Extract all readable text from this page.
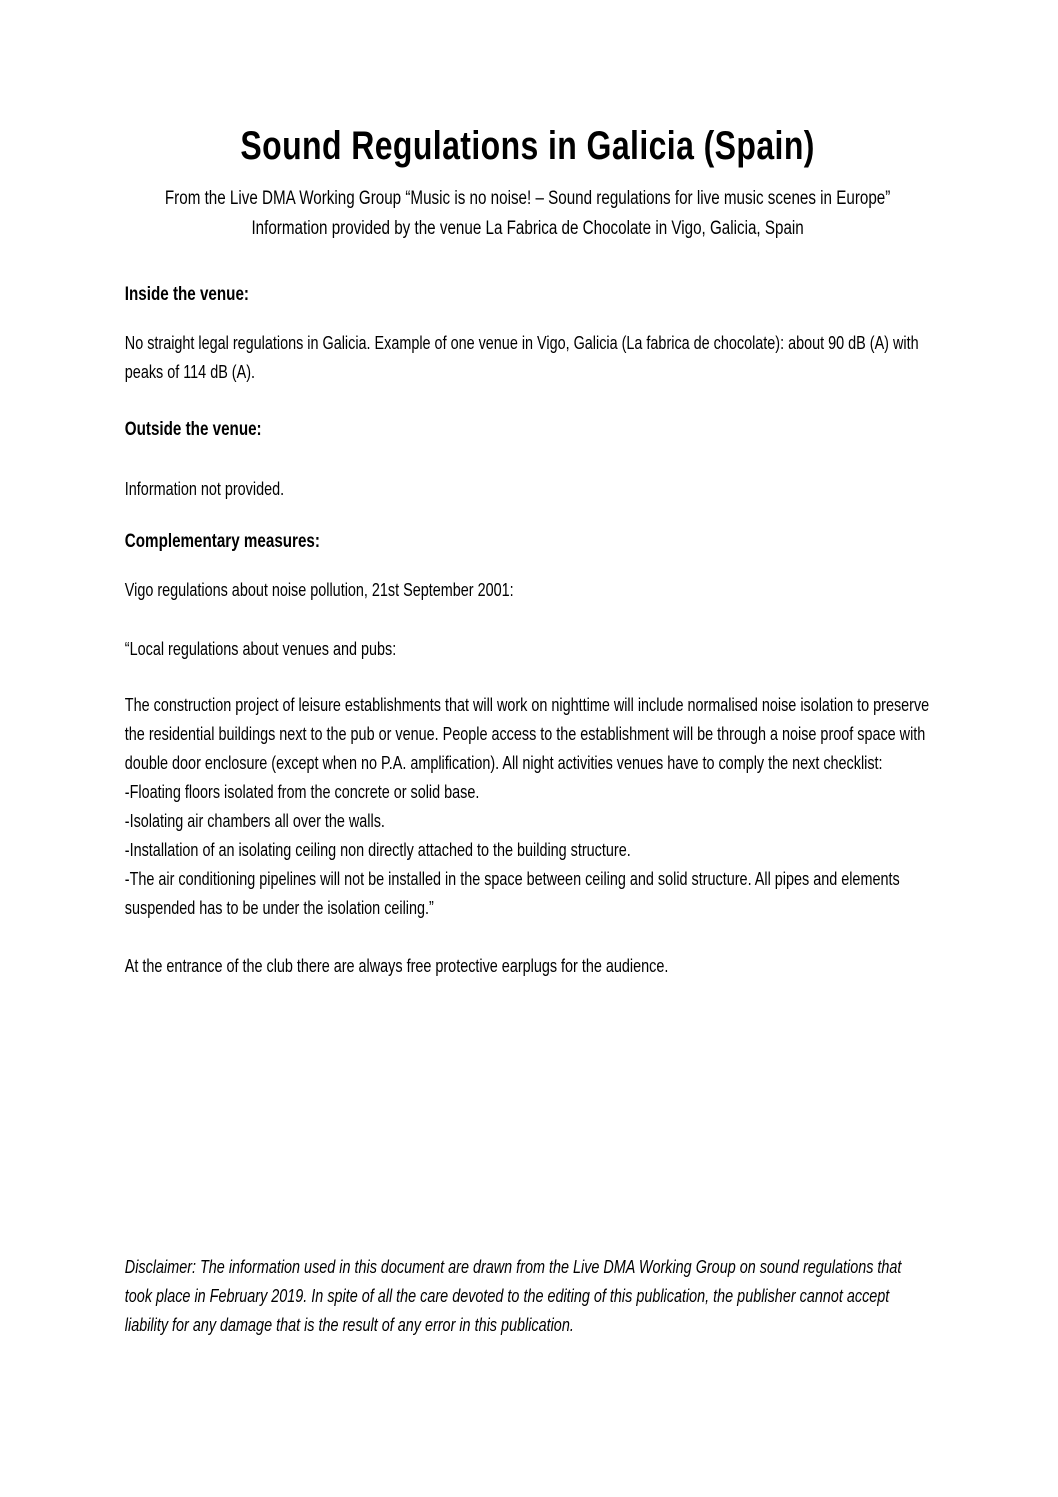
Sound Regulations in Galicia (Spain)

From the Live DMA Working Group “Music is no noise! – Sound regulations for live music scenes in Europe”

Information provided by the venue La Fabrica de Chocolate in Vigo, Galicia, Spain

Inside the venue:

No straight legal regulations in Galicia. Example of one venue in Vigo, Galicia (La fabrica de chocolate): about 90 dB (A) with peaks of 114 dB (A).

Outside the venue:

Information not provided.

Complementary measures:

Vigo regulations about noise pollution, 21st September 2001:

“Local regulations about venues and pubs:

The construction project of leisure establishments that will work on nighttime will include normalised noise isolation to preserve the residential buildings next to the pub or venue. People access to the establishment will be through a noise proof space with double door enclosure (except when no P.A. amplification). All night activities venues have to comply the next checklist:

-Floating floors isolated from the concrete or solid base.
-Isolating air chambers all over the walls.
-Installation of an isolating ceiling non directly attached to the building structure.
-The air conditioning pipelines will not be installed in the space between ceiling and solid structure. All pipes and elements suspended has to be under the isolation ceiling.”

At the entrance of the club there are always free protective earplugs for the audience.

Disclaimer: The information used in this document are drawn from the Live DMA Working Group on sound regulations that took place in February 2019. In spite of all the care devoted to the editing of this publication, the publisher cannot accept liability for any damage that is the result of any error in this publication.
